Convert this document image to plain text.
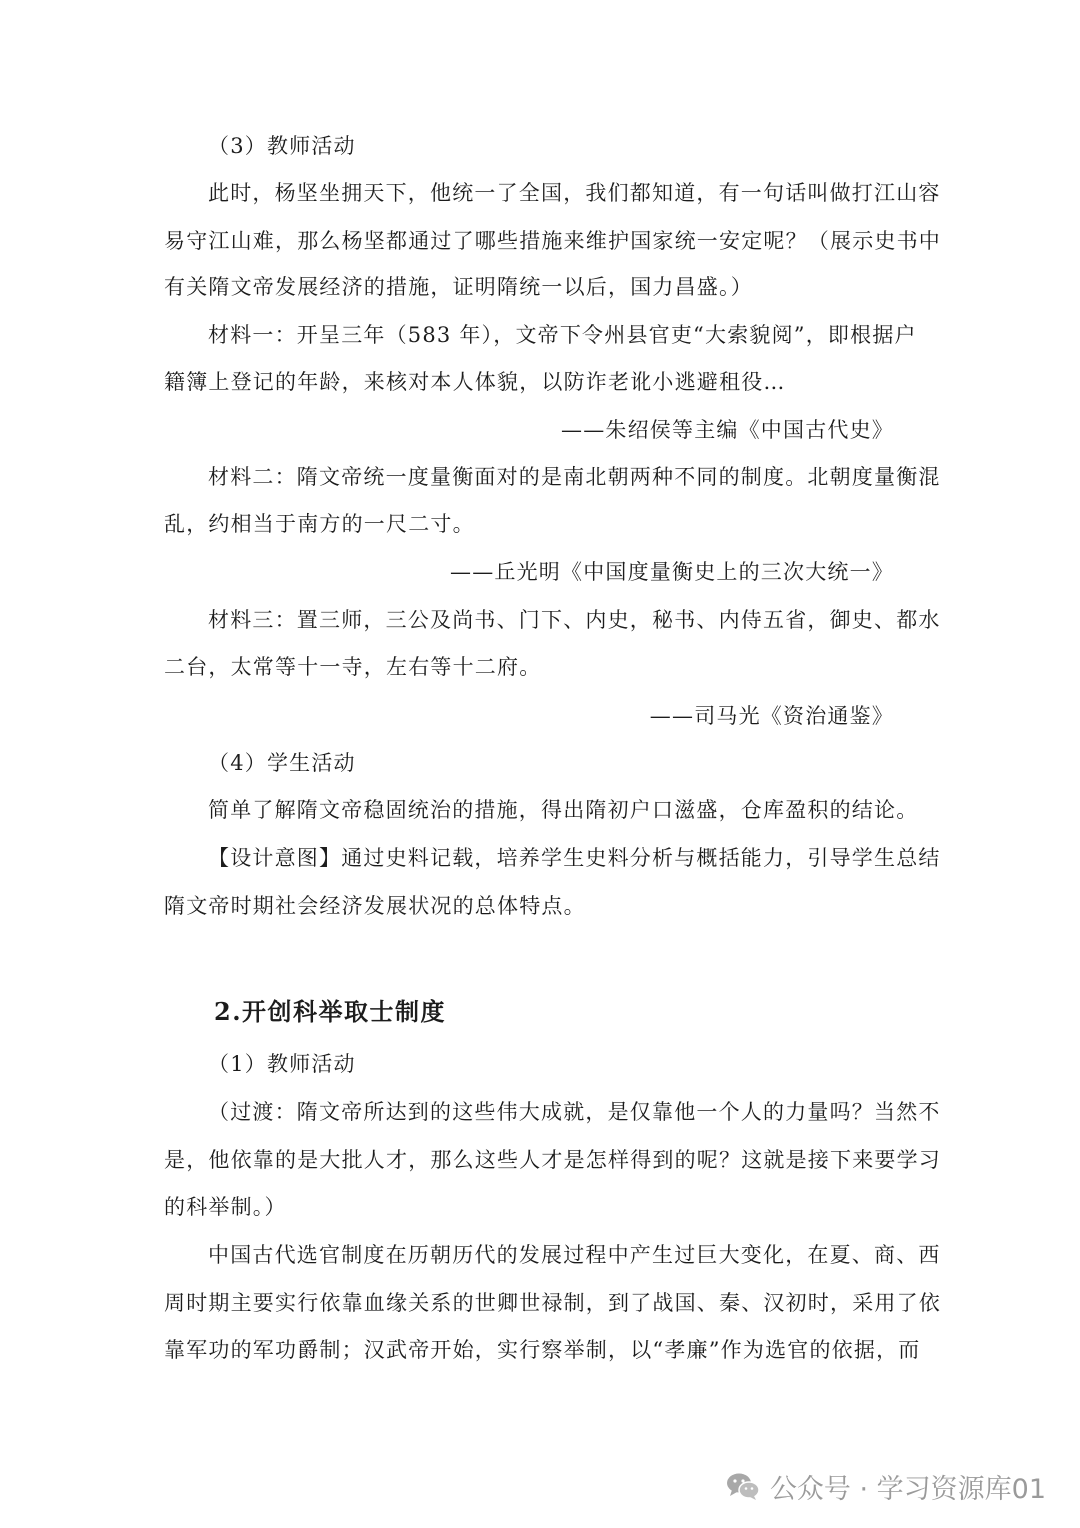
（3）教师活动
此时，杨坚坐拥天下，他统一了全国，我们都知道，有一句话叫做打江山容
易守江山难，那么杨坚都通过了哪些措施来维护国家统一安定呢？（展示史书中
有关隋文帝发展经济的措施，证明隋统一以后，国力昌盛。）
材料一：开呈三年（583 年），文帝下令州县官吏“大索貌阅”，即根据户
籍簿上登记的年龄，来核对本人体貌，以防诈老讹小逃避租役…
——朱绍侯等主编《中国古代史》
材料二：隋文帝统一度量衡面对的是南北朝两种不同的制度。北朝度量衡混
乱，约相当于南方的一尺二寸。
——丘光明《中国度量衡史上的三次大统一》
材料三：置三师，三公及尚书、门下、内史，秘书、内侍五省，御史、都水
二台，太常等十一寺，左右等十二府。
——司马光《资治通鉴》
（4）学生活动
简单了解隋文帝稳固统治的措施，得出隋初户口滋盛，仓库盈积的结论。
【设计意图】通过史料记载，培养学生史料分析与概括能力，引导学生总结
隋文帝时期社会经济发展状况的总体特点。
2.开创科举取士制度
（1）教师活动
（过渡：隋文帝所达到的这些伟大成就，是仅靠他一个人的力量吗？当然不
是，他依靠的是大批人才，那么这些人才是怎样得到的呢？这就是接下来要学习
的科举制。）
中国古代选官制度在历朝历代的发展过程中产生过巨大变化，在夏、商、西
周时期主要实行依靠血缘关系的世卿世禄制，到了战国、秦、汉初时，采用了依
靠军功的军功爵制；汉武帝开始，实行察举制，以“孝廉”作为选官的依据，而
公众号 · 学习资源库01
